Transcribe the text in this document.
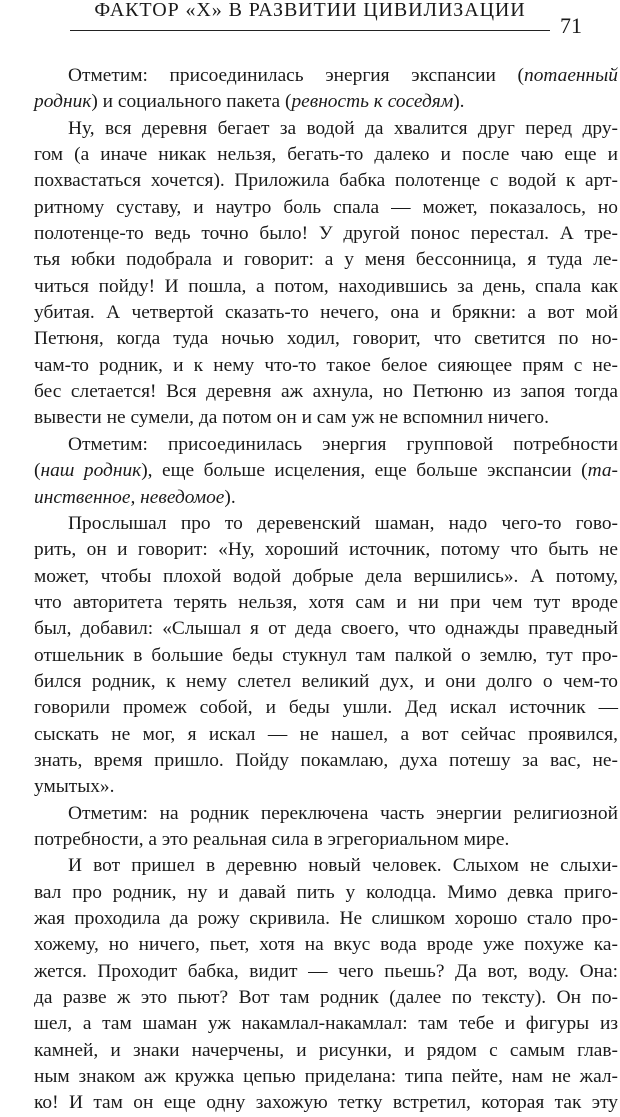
ФАКТОР «Х» В РАЗВИТИИ ЦИВИЛИЗАЦИИ
71
Отметим: присоединилась энергия экспансии (потаенный
родник) и социального пакета (ревность к соседям).
Ну, вся деревня бегает за водой да хвалится друг перед дру-
гом (а иначе никак нельзя, бегать-то далеко и после чаю еще и
похвастаться хочется). Приложила бабка полотенце с водой к арт-
ритному суставу, и наутро боль спала — может, показалось, но
полотенце-то ведь точно было! У другой понос перестал. А тре-
тья юбки подобрала и говорит: а у меня бессонница, я туда ле-
читься пойду! И пошла, а потом, находившись за день, спала как
убитая. А четвертой сказать-то нечего, она и брякни: а вот мой
Петюня, когда туда ночью ходил, говорит, что светится по но-
чам-то родник, и к нему что-то такое белое сияющее прям с не-
бес слетается! Вся деревня аж ахнула, но Петюню из запоя тогда
вывести не сумели, да потом он и сам уж не вспомнил ничего.
Отметим: присоединилась энергия групповой потребности
(наш родник), еще больше исцеления, еще больше экспансии (та-
инственное, неведомое).
Прослышал про то деревенский шаман, надо чего-то гово-
рить, он и говорит: «Ну, хороший источник, потому что быть не
может, чтобы плохой водой добрые дела вершились». А потому,
что авторитета терять нельзя, хотя сам и ни при чем тут вроде
был, добавил: «Слышал я от деда своего, что однажды праведный
отшельник в большие беды стукнул там палкой о землю, тут про-
бился родник, к нему слетел великий дух, и они долго о чем-то
говорили промеж собой, и беды ушли. Дед искал источник —
сыскать не мог, я искал — не нашел, а вот сейчас проявился,
знать, время пришло. Пойду покамлаю, духа потешу за вас, не-
умытых».
Отметим: на родник переключена часть энергии религиозной
потребности, а это реальная сила в эгрегориальном мире.
И вот пришел в деревню новый человек. Слыхом не слыхи-
вал про родник, ну и давай пить у колодца. Мимо девка приго-
жая проходила да рожу скривила. Не слишком хорошо стало про-
хожему, но ничего, пьет, хотя на вкус вода вроде уже похуже ка-
жется. Проходит бабка, видит — чего пьешь? Да вот, воду. Она:
да разве ж это пьют? Вот там родник (далее по тексту). Он по-
шел, а там шаман уж накамлал-накамлал: там тебе и фигуры из
камней, и знаки начерчены, и рисунки, и рядом с самым глав-
ным знаком аж кружка цепью приделана: типа пейте, нам не жал-
ко! И там он еще одну захожую тетку встретил, которая так эту
